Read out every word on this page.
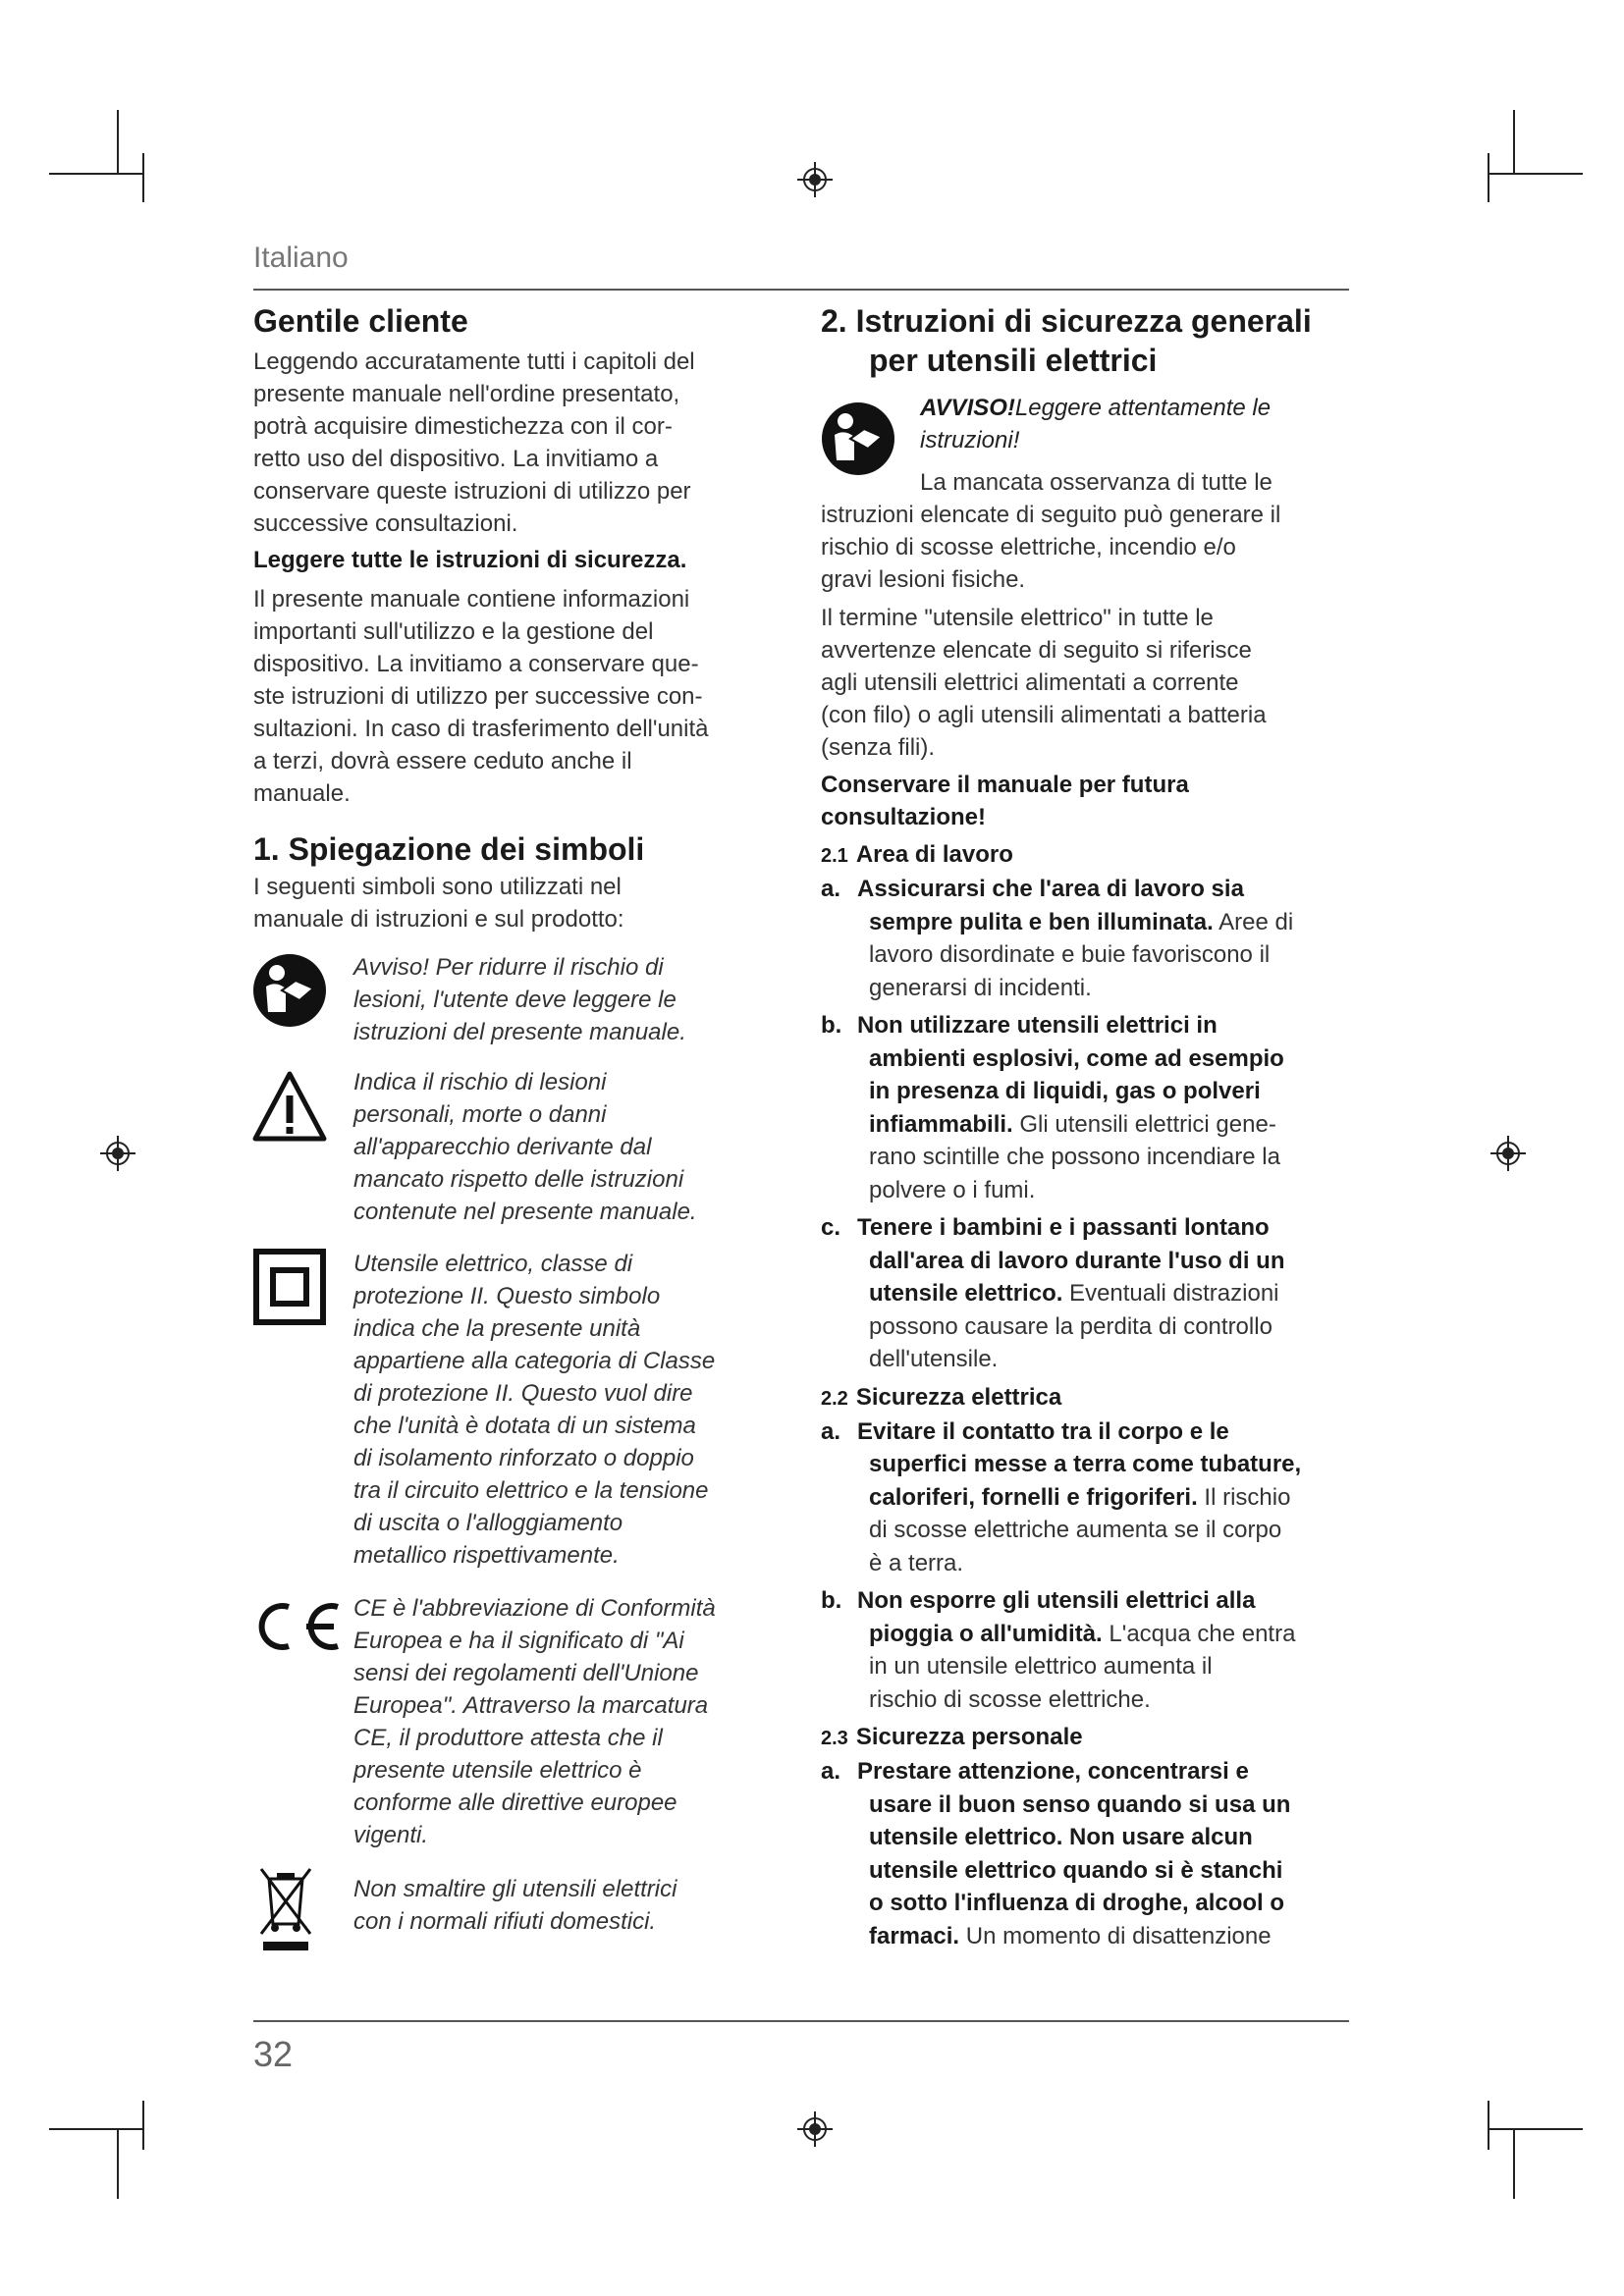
Italiano
Gentile cliente
Leggendo accuratamente tutti i capitoli del
presente manuale nell'ordine presentato,
potrà acquisire dimestichezza con il cor-
retto uso del dispositivo. La invitiamo a
conservare queste istruzioni di utilizzo per
successive consultazioni.
Leggere tutte le istruzioni di sicurezza.
Il presente manuale contiene informazioni
importanti sull'utilizzo e la gestione del
dispositivo. La invitiamo a conservare que-
ste istruzioni di utilizzo per successive con-
sultazioni. In caso di trasferimento dell'unità
a terzi, dovrà essere ceduto anche il
manuale.
1. Spiegazione dei simboli
I seguenti simboli sono utilizzati nel
manuale di istruzioni e sul prodotto:
Avviso! Per ridurre il rischio di
lesioni, l'utente deve leggere le
istruzioni del presente manuale.
Indica il rischio di lesioni
personali, morte o danni
all'apparecchio derivante dal
mancato rispetto delle istruzioni
contenute nel presente manuale.
Utensile elettrico, classe di
protezione II. Questo simbolo
indica che la presente unità
appartiene alla categoria di Classe
di protezione II. Questo vuol dire
che l'unità è dotata di un sistema
di isolamento rinforzato o doppio
tra il circuito elettrico e la tensione
di uscita o l'alloggiamento
metallico rispettivamente.
CE è l'abbreviazione di Conformità
Europea e ha il significato di "Ai
sensi dei regolamenti dell'Unione
Europea". Attraverso la marcatura
CE, il produttore attesta che il
presente utensile elettrico è
conforme alle direttive europee
vigenti.
Non smaltire gli utensili elettrici
con i normali rifiuti domestici.
2. Istruzioni di sicurezza generali
per utensili elettrici
AVVISO!Leggere attentamente le
istruzioni!
La mancata osservanza di tutte le
istruzioni elencate di seguito può generare il
rischio di scosse elettriche, incendio e/o
gravi lesioni fisiche.
Il termine "utensile elettrico" in tutte le
avvertenze elencate di seguito si riferisce
agli utensili elettrici alimentati a corrente
(con filo) o agli utensili alimentati a batteria
(senza fili).
Conservare il manuale per futura
consultazione!
2.1 Area di lavoro
a. Assicurarsi che l'area di lavoro sia
sempre pulita e ben illuminata. Aree di
lavoro disordinate e buie favoriscono il
generarsi di incidenti.
b. Non utilizzare utensili elettrici in
ambienti esplosivi, come ad esempio
in presenza di liquidi, gas o polveri
infiammabili. Gli utensili elettrici gene-
rano scintille che possono incendiare la
polvere o i fumi.
c. Tenere i bambini e i passanti lontano
dall'area di lavoro durante l'uso di un
utensile elettrico. Eventuali distrazioni
possono causare la perdita di controllo
dell'utensile.
2.2 Sicurezza elettrica
a. Evitare il contatto tra il corpo e le
superfici messe a terra come tubature,
caloriferi, fornelli e frigoriferi. Il rischio
di scosse elettriche aumenta se il corpo
è a terra.
b. Non esporre gli utensili elettrici alla
pioggia o all'umidità. L'acqua che entra
in un utensile elettrico aumenta il
rischio di scosse elettriche.
2.3 Sicurezza personale
a. Prestare attenzione, concentrarsi e
usare il buon senso quando si usa un
utensile elettrico. Non usare alcun
utensile elettrico quando si è stanchi
o sotto l'influenza di droghe, alcool o
farmaci. Un momento di disattenzione
32
